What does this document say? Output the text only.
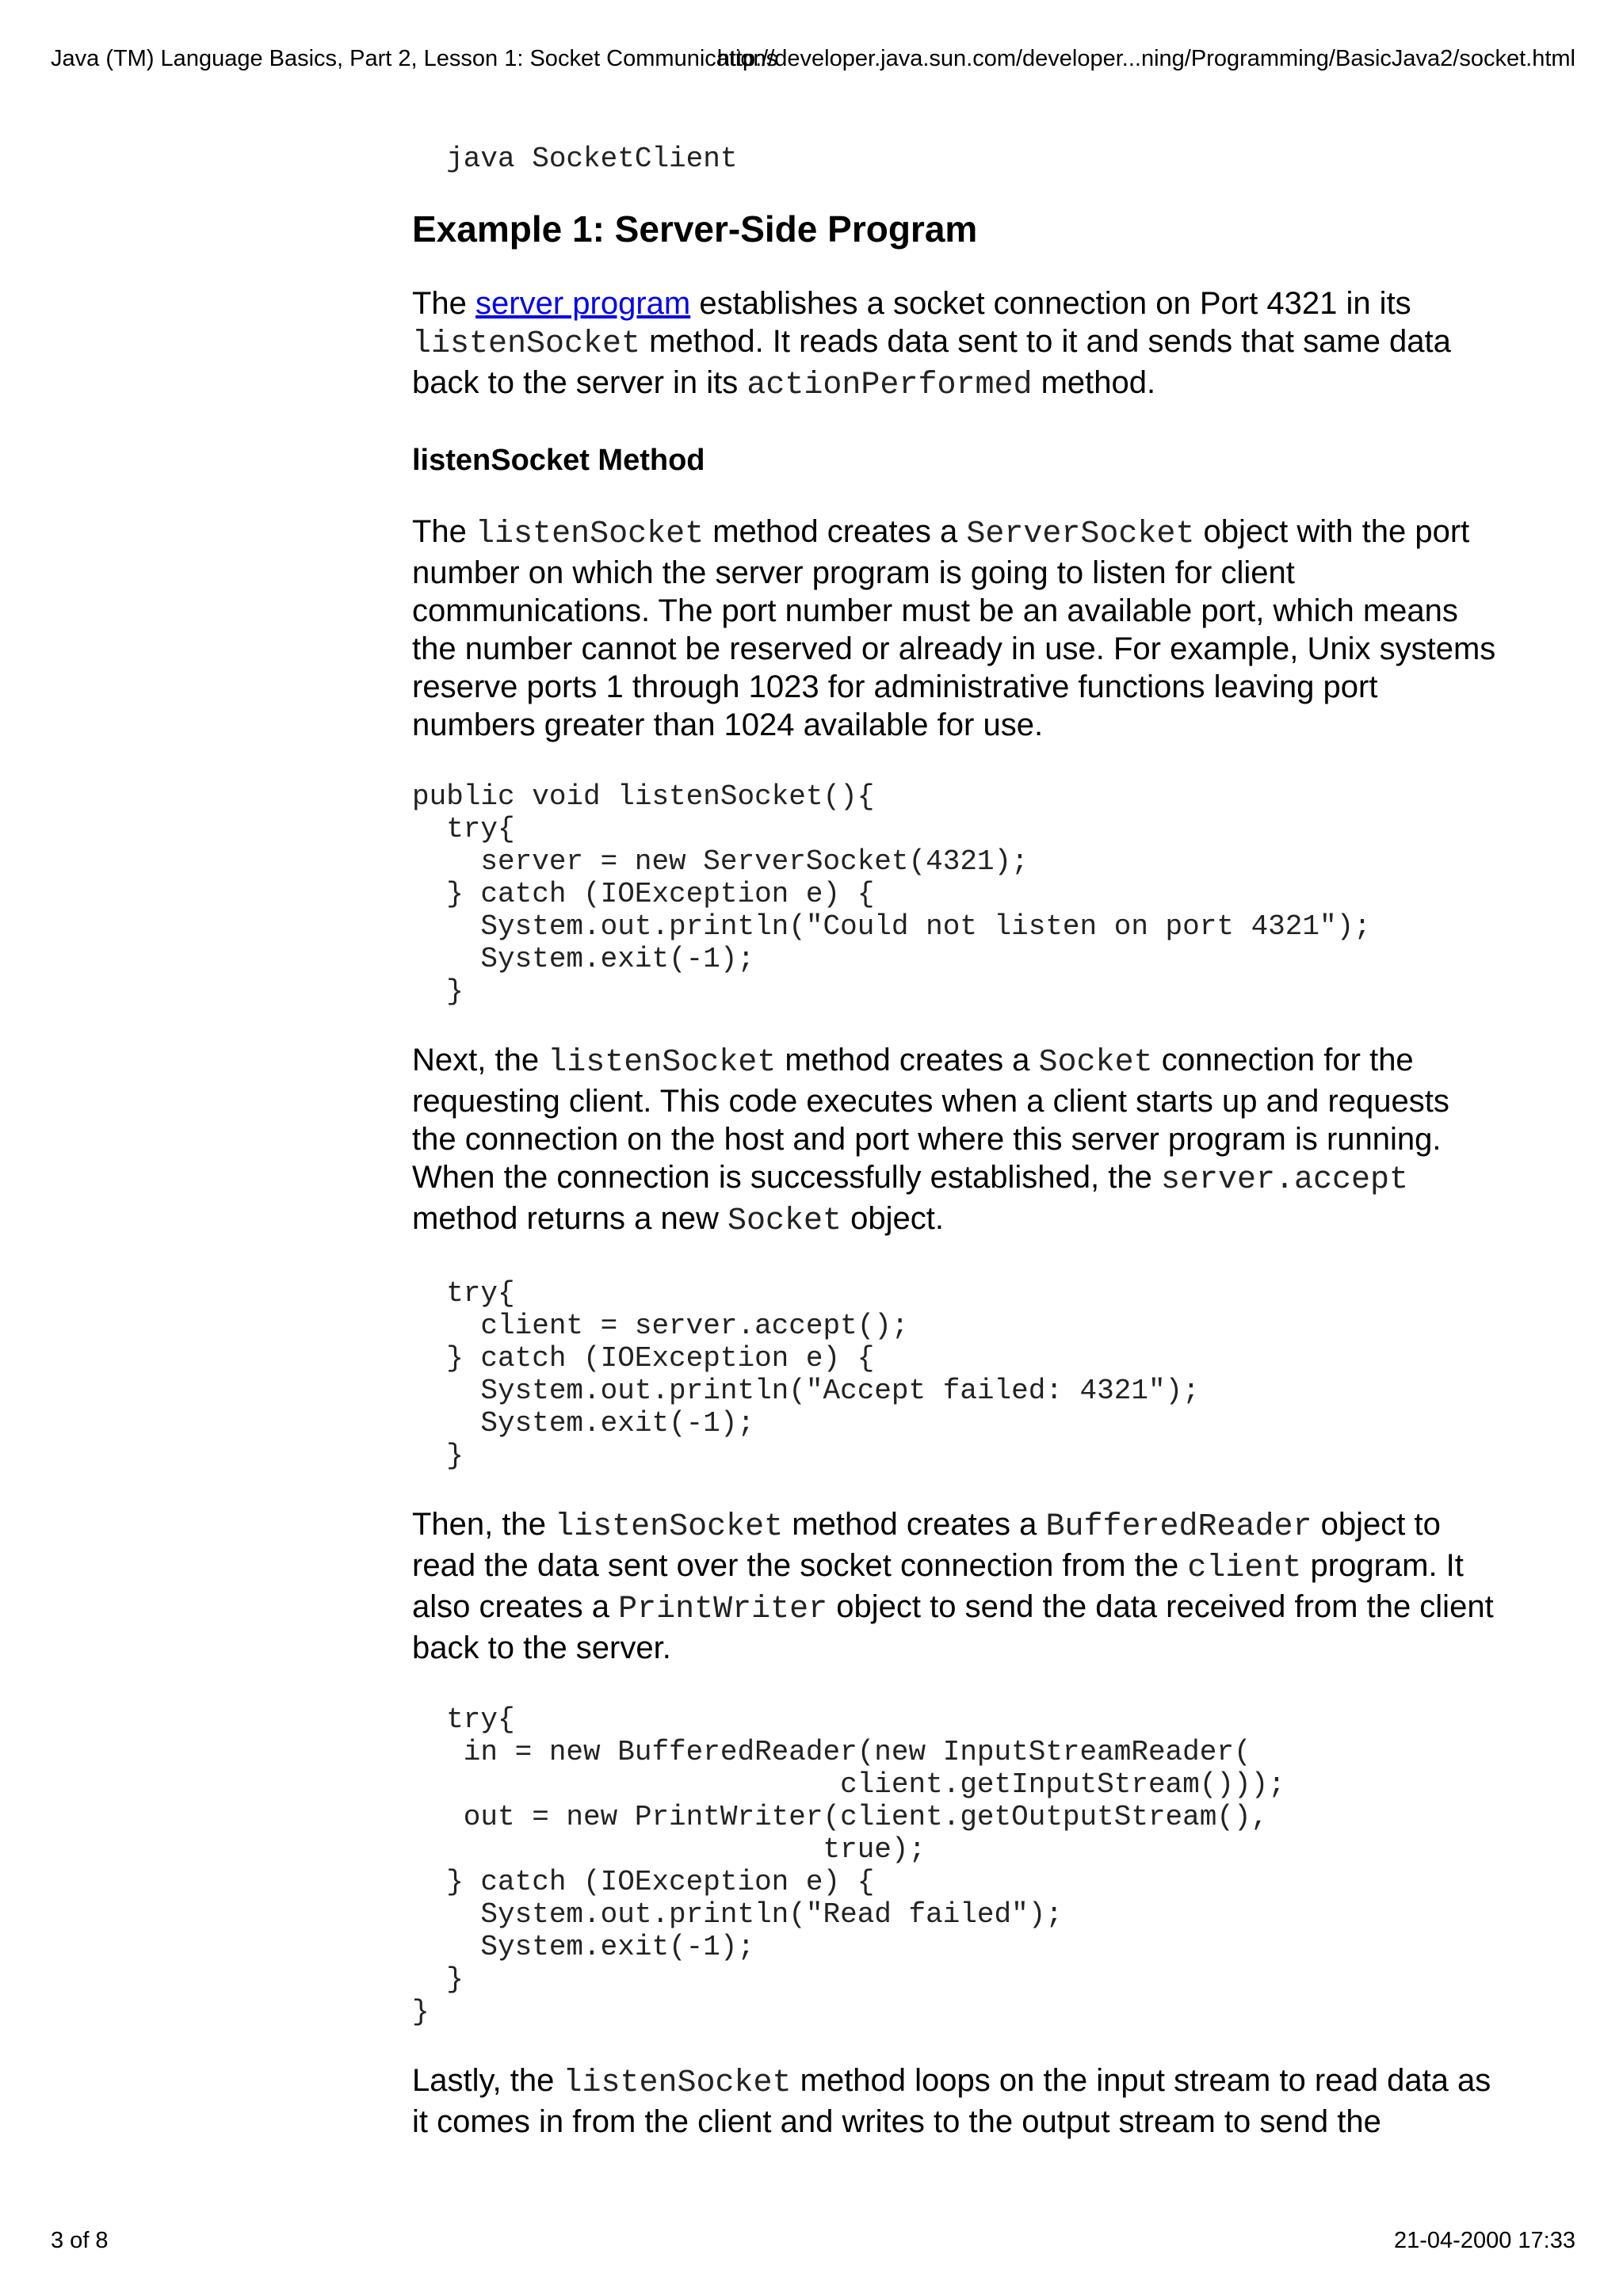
Java (TM) Language Basics, Part 2, Lesson 1: Socket Communications
http://developer.java.sun.com/developer...ning/Programming/BasicJava2/socket.html
java SocketClient
Example 1: Server-Side Program

The server program establishes a socket connection on Port 4321 in its listenSocket method. It reads data sent to it and sends that same data back to the server in its actionPerformed method.

listenSocket Method

The listenSocket method creates a ServerSocket object with the port number on which the server program is going to listen for client communications. The port number must be an available port, which means the number cannot be reserved or already in use. For example, Unix systems reserve ports 1 through 1023 for administrative functions leaving port numbers greater than 1024 available for use.

public void listenSocket(){
try{
server = new ServerSocket(4321);
} catch (IOException e) {
System.out.println("Could not listen on port 4321");
System.exit(-1);
}

Next, the listenSocket method creates a Socket connection for the requesting client. This code executes when a client starts up and requests the connection on the host and port where this server program is running. When the connection is successfully established, the server.accept method returns a new Socket object.

try{
client = server.accept();
} catch (IOException e) {
System.out.println("Accept failed: 4321");
System.exit(-1);
}

Then, the listenSocket method creates a BufferedReader object to read the data sent over the socket connection from the client program. It also creates a PrintWriter object to send the data received from the client back to the server.

try{
in = new BufferedReader(new InputStreamReader(
client.getInputStream()));
out = new PrintWriter(client.getOutputStream(),
true);
} catch (IOException e) {
System.out.println("Read failed");
System.exit(-1);
}
}

Lastly, the listenSocket method loops on the input stream to read data as it comes in from the client and writes to the output stream to send the

3 of 8	21-04-2000 17:33
